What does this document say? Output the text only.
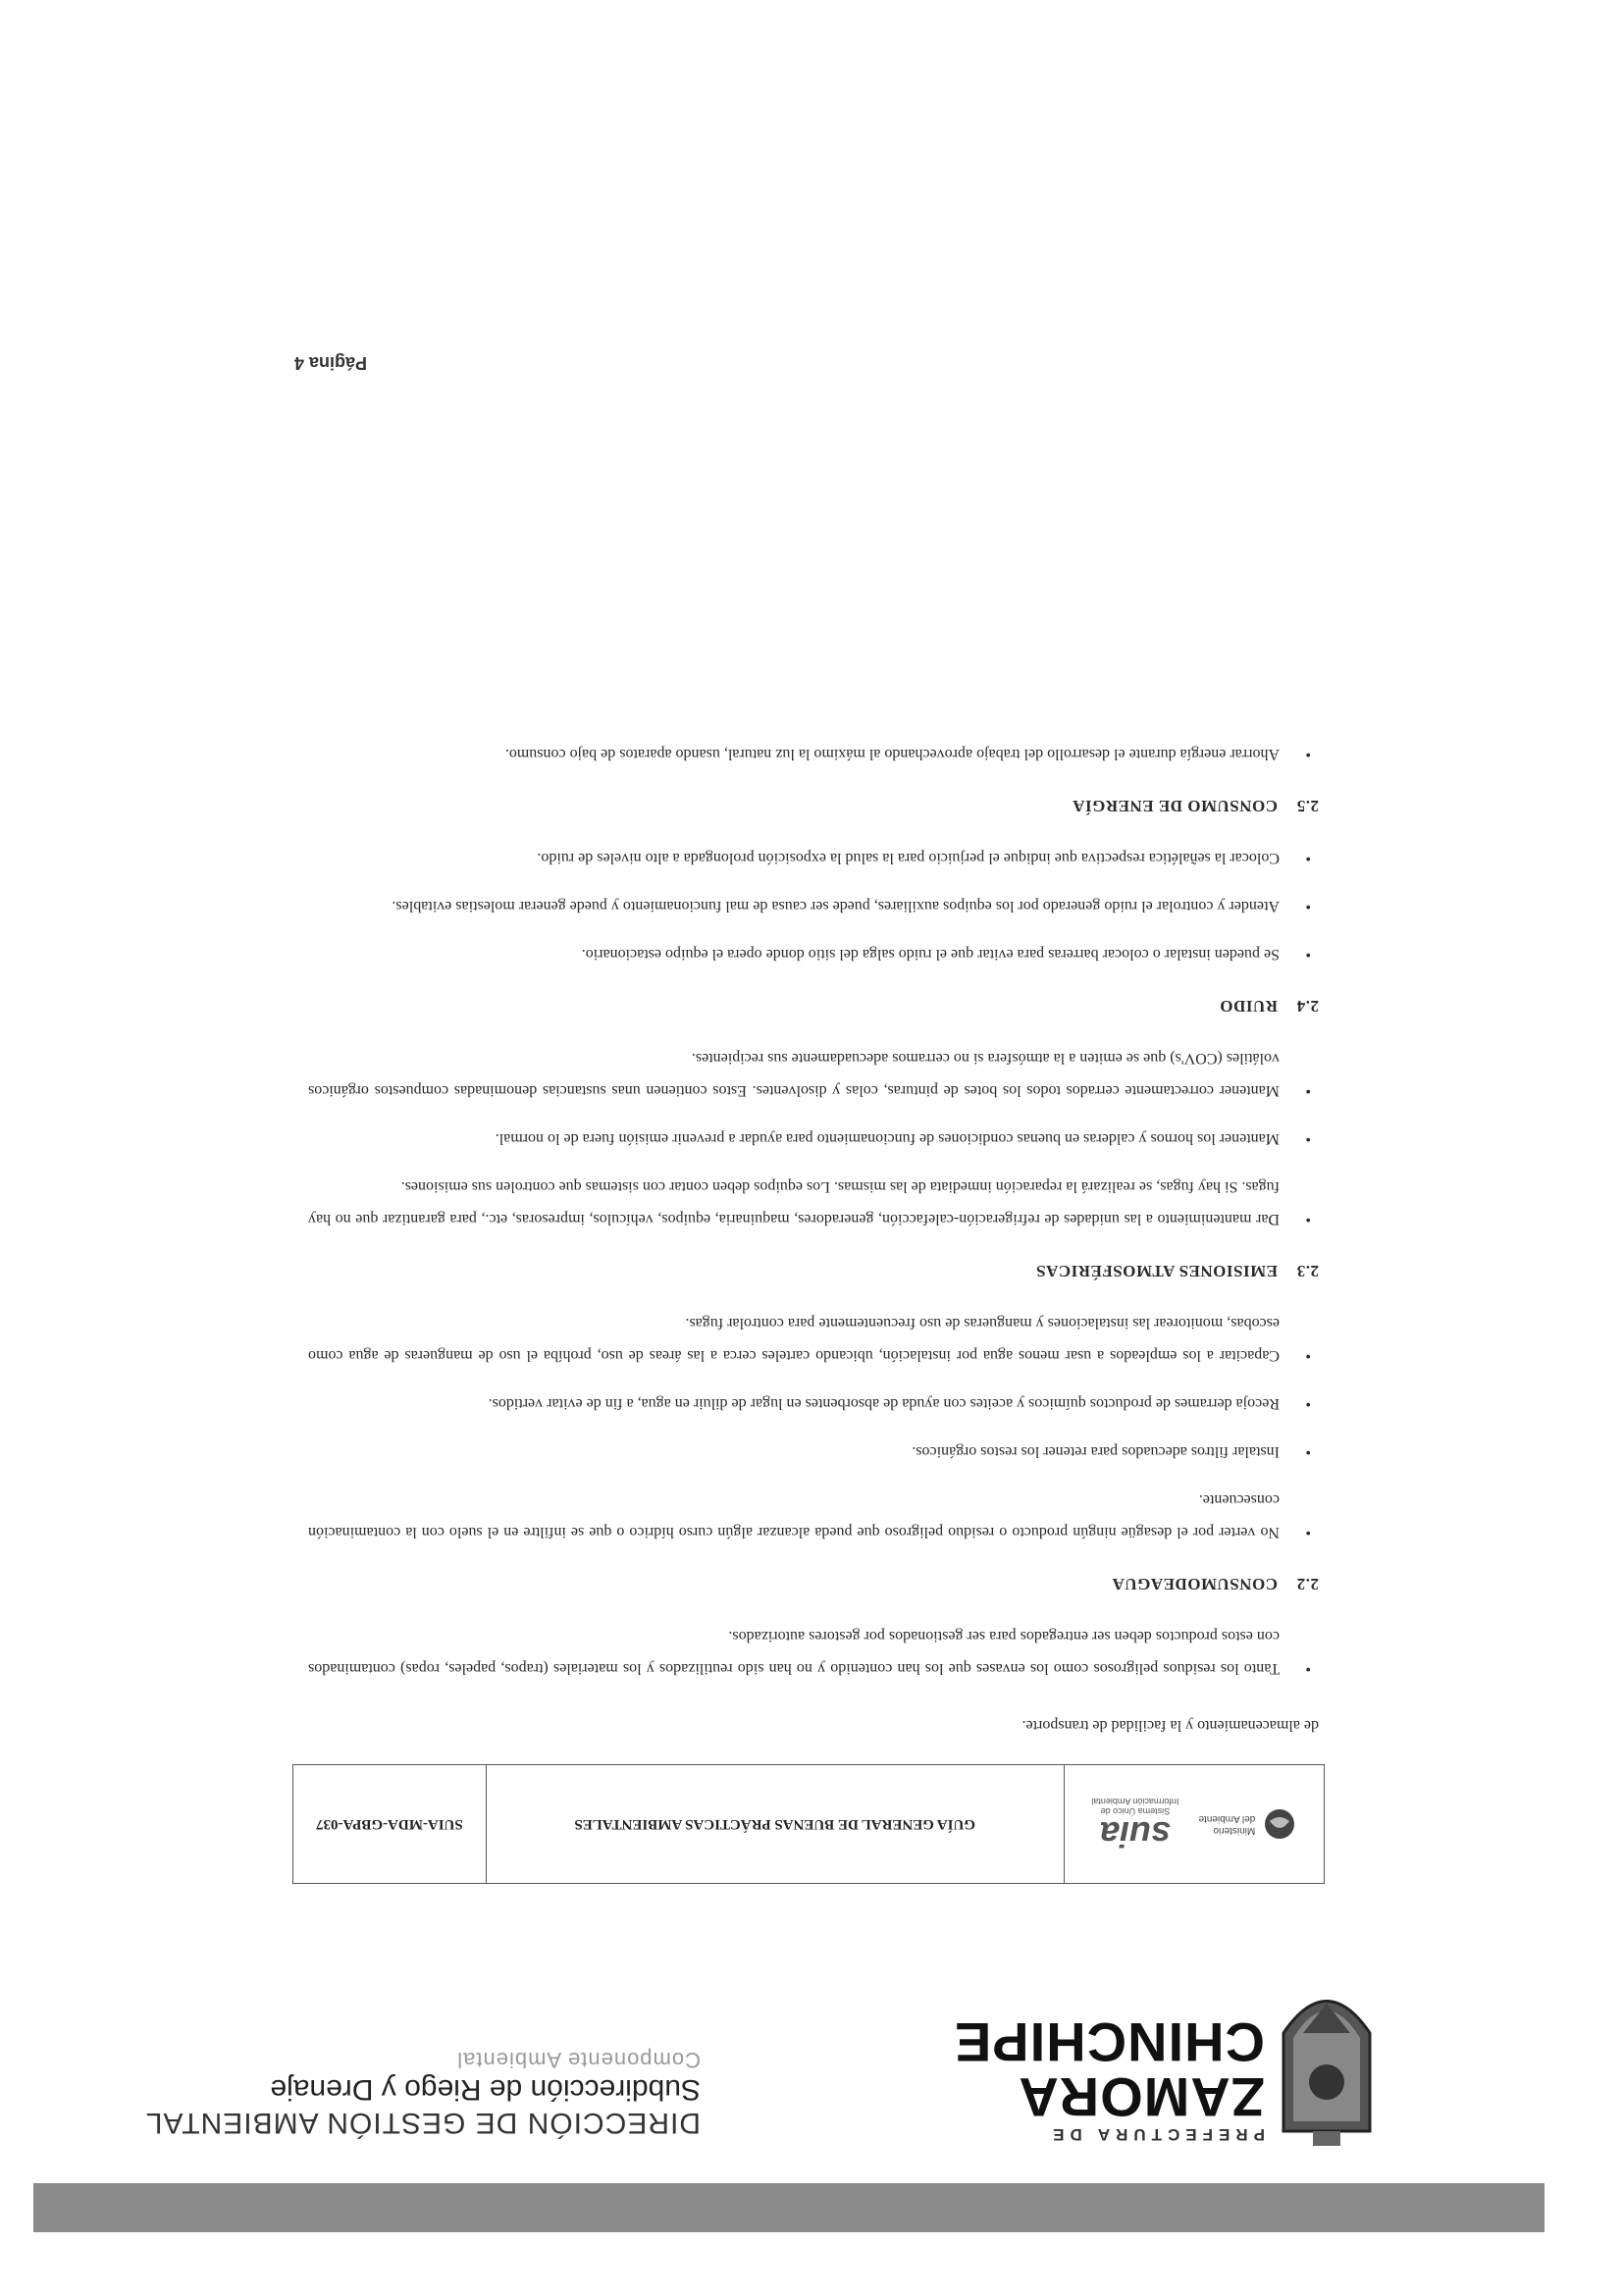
PREFECTURA DE
ZAMORA
CHINCHIPE
DIRECCIÓN DE GESTIÓN AMBIENTAL
Subdirección de Riego y Drenaje
Componente Ambiental
Ministerio
del Ambiente
suia
Sistema Único de
Información Ambiental
GUÍA GENERAL DE BUENAS PRÁCTICAS AMBIENTALES
SUIA-MDA-GBPA-037

de almacenamiento y la facilidad de transporte.

•
Tanto los residuos peligrosos como los envases que los han contenido y no han sido reutilizados y los materiales (trapos, papeles, ropas) contaminados con estos productos deben ser entregados para ser gestionados por gestores autorizados.
2.2CONSUMODEAGUA
•
No verter por el desagüe ningún producto o residuo peligroso que pueda alcanzar algún curso hídrico o que se infiltre en el suelo con la contaminación consecuente.
•
Instalar filtros adecuados para retener los restos orgánicos.
•
Recoja derrames de productos químicos y aceites con ayuda de absorbentes en lugar de diluir en agua, a fin de evitar vertidos.
•
Capacitar a los empleados a usar menos agua por instalación, ubicando carteles cerca a las áreas de uso, prohíba el uso de mangueras de agua como escobas, monitorear las instalaciones y mangueras de uso frecuentemente para controlar fugas.
2.3EMISIONES ATMOSFÉRICAS
•
Dar mantenimiento a las unidades de refrigeración-calefacción, generadores, maquinaria, equipos, vehículos, impresoras, etc., para garantizar que no hay fugas. Si hay fugas, se realizará la reparación inmediata de las mismas. Los equipos deben contar con sistemas que controlen sus emisiones.
•
Mantener los hornos y calderas en buenas condiciones de funcionamiento para ayudar a prevenir emisión fuera de lo normal.
•
Mantener correctamente cerrados todos los botes de pinturas, colas y disolventes. Estos contienen unas sustancias denominadas compuestos orgánicos volátiles (COV's) que se emiten a la atmósfera si no cerramos adecuadamente sus recipientes.
2.4RUIDO
•
Se pueden instalar o colocar barreras para evitar que el ruido salga del sitio donde opera el equipo estacionario.
•
Atender y controlar el ruido generado por los equipos auxiliares, puede ser causa de mal funcionamiento y puede generar molestias evitables.
•
Colocar la señalética respectiva que indique el perjuicio para la salud la exposición prolongada a alto niveles de ruido.
2.5CONSUMO DE ENERGÍA
•
Ahorrar energía durante el desarrollo del trabajo aprovechando al máximo la luz natural, usando aparatos de bajo consumo.
Página 4
